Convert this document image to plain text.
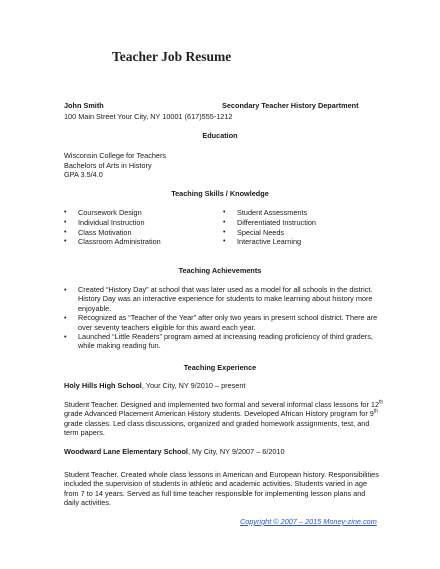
Teacher Job Resume
John Smith	Secondary Teacher History Department
100 Main Street Your City, NY 10001 (617)555-1212
Education
Wisconsin College for Teachers
Bachelors of Arts in History
GPA 3.5/4.0
Teaching Skills / Knowledge
• Coursework Design
• Individual Instruction
• Class Motivation
• Classroom Administration
• Student Assessments
• Differentiated Instruction
• Special Needs
• Interactive Learning
Teaching Achievements
• Created “History Day” at school that was later used as a model for all schools in the district. History Day was an interactive experience for students to make learning about history more enjoyable.
• Recognized as “Teacher of the Year” after only two years in present school district. There are over seventy teachers eligible for this award each year.
• Launched “Little Readers” program aimed at increasing reading proficiency of third graders, while making reading fun.
Teaching Experience
Holy Hills High School, Your City, NY 9/2010 – present
Student Teacher. Designed and implemented two formal and several informal class lessons for 12th grade Advanced Placement American History students. Developed African History program for 9th grade classes. Led class discussions, organized and graded homework assignments, test, and term papers.
Woodward Lane Elementary School, My City, NY 9/2007 – 6/2010
Student Teacher. Created whole class lessons in American and European history. Responsibilities included the supervision of students in athletic and academic activities. Students varied in age from 7 to 14 years. Served as full time teacher responsible for implementing lesson plans and daily activities.
Copyright © 2007 – 2015 Money-zine.com
